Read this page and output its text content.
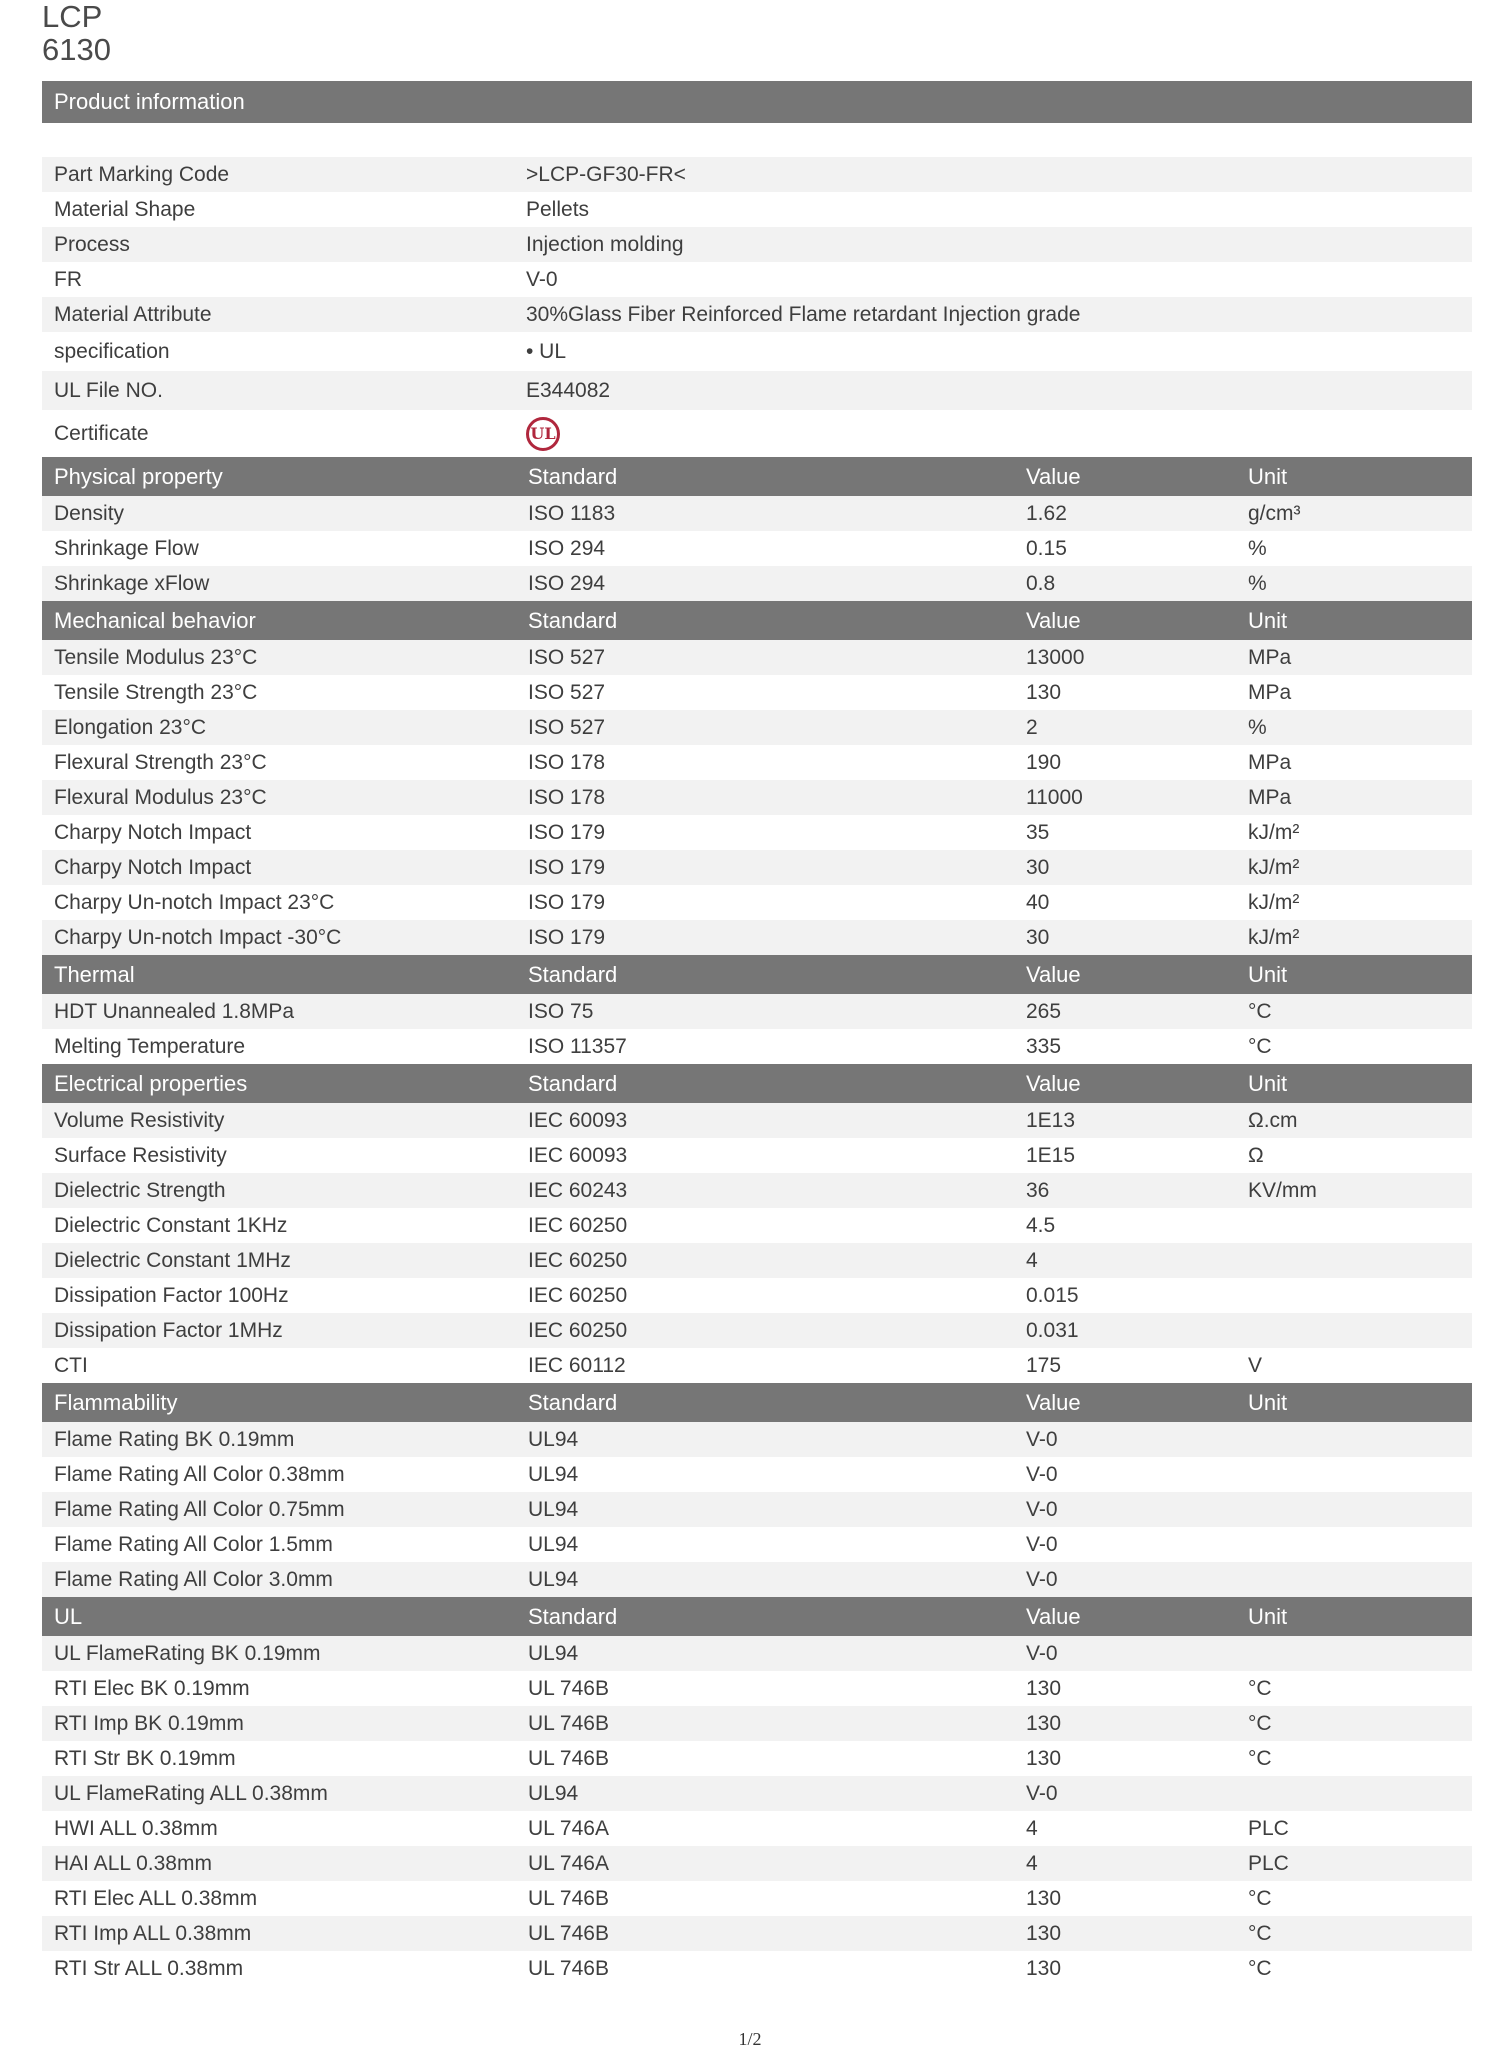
LCP
6130
Product information
Part Marking Code	>LCP-GF30-FR<
Material Shape	Pellets
Process	Injection molding
FR	V-0
Material Attribute	30%Glass Fiber Reinforced Flame retardant Injection grade
specification	• UL
UL File NO.	E344082
Certificate	UL
Physical property	Standard	Value	Unit
Density	ISO 1183	1.62	g/cm³
Shrinkage Flow	ISO 294	0.15	%
Shrinkage xFlow	ISO 294	0.8	%
Mechanical behavior	Standard	Value	Unit
Tensile Modulus 23°C	ISO 527	13000	MPa
Tensile Strength 23°C	ISO 527	130	MPa
Elongation 23°C	ISO 527	2	%
Flexural Strength 23°C	ISO 178	190	MPa
Flexural Modulus 23°C	ISO 178	11000	MPa
Charpy Notch Impact	ISO 179	35	kJ/m²
Charpy Notch Impact	ISO 179	30	kJ/m²
Charpy Un-notch Impact 23°C	ISO 179	40	kJ/m²
Charpy Un-notch Impact -30°C	ISO 179	30	kJ/m²
Thermal	Standard	Value	Unit
HDT Unannealed 1.8MPa	ISO 75	265	°C
Melting Temperature	ISO 11357	335	°C
Electrical properties	Standard	Value	Unit
Volume Resistivity	IEC 60093	1E13	Ω.cm
Surface Resistivity	IEC 60093	1E15	Ω
Dielectric Strength	IEC 60243	36	KV/mm
Dielectric Constant 1KHz	IEC 60250	4.5
Dielectric Constant 1MHz	IEC 60250	4
Dissipation Factor 100Hz	IEC 60250	0.015
Dissipation Factor 1MHz	IEC 60250	0.031
CTI	IEC 60112	175	V
Flammability	Standard	Value	Unit
Flame Rating BK 0.19mm	UL94	V-0
Flame Rating All Color 0.38mm	UL94	V-0
Flame Rating All Color 0.75mm	UL94	V-0
Flame Rating All Color 1.5mm	UL94	V-0
Flame Rating All Color 3.0mm	UL94	V-0
UL	Standard	Value	Unit
UL FlameRating BK 0.19mm	UL94	V-0
RTI Elec BK 0.19mm	UL 746B	130	°C
RTI Imp BK 0.19mm	UL 746B	130	°C
RTI Str BK 0.19mm	UL 746B	130	°C
UL FlameRating ALL 0.38mm	UL94	V-0
HWI ALL 0.38mm	UL 746A	4	PLC
HAI ALL 0.38mm	UL 746A	4	PLC
RTI Elec ALL 0.38mm	UL 746B	130	°C
RTI Imp ALL 0.38mm	UL 746B	130	°C
RTI Str ALL 0.38mm	UL 746B	130	°C
1/2
